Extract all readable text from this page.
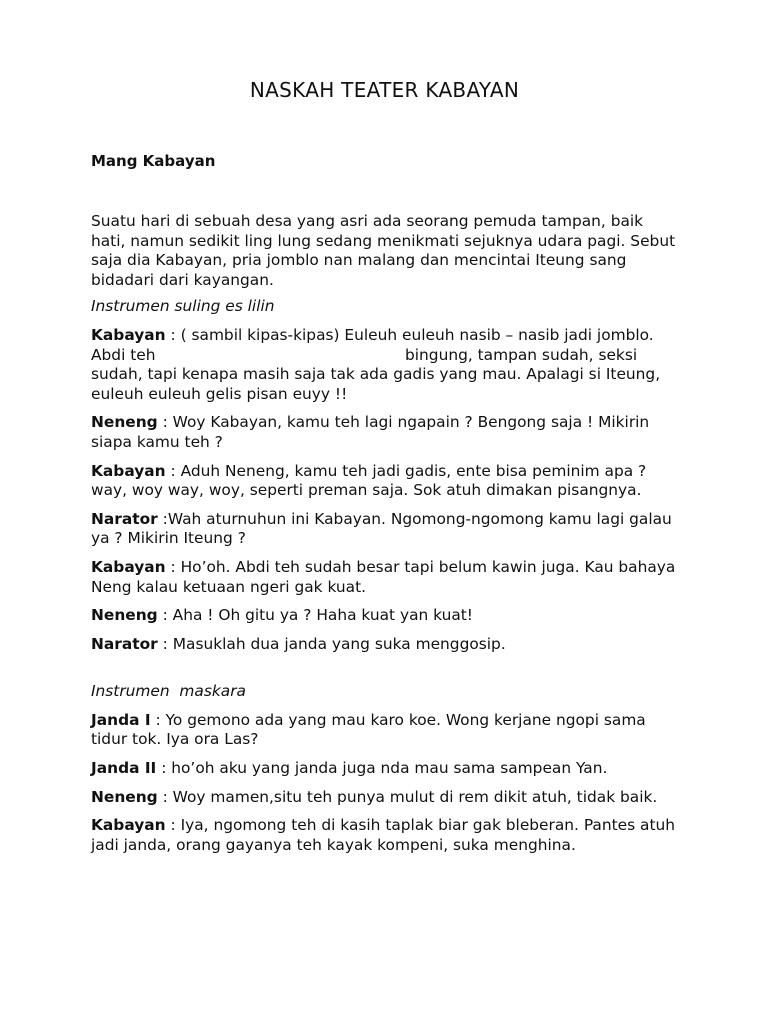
NASKAH TEATER KABAYAN
Mang Kabayan
Suatu hari di sebuah desa yang asri ada seorang pemuda tampan, baik hati, namun sedikit ling lung sedang menikmati sejuknya udara pagi. Sebut saja dia Kabayan, pria jomblo nan malang dan mencintai Iteung sang bidadari dari kayangan.
Instrumen suling es lilin
Kabayan : ( sambil kipas-kipas) Euleuh euleuh nasib – nasib jadi jomblo. Abdi teh                                                   bingung, tampan sudah, seksi sudah, tapi kenapa masih saja tak ada gadis yang mau. Apalagi si Iteung, euleuh euleuh gelis pisan euyy !!
Neneng : Woy Kabayan, kamu teh lagi ngapain ? Bengong saja ! Mikirin siapa kamu teh ?
Kabayan : Aduh Neneng, kamu teh jadi gadis, ente bisa peminim apa ? way, woy way, woy, seperti preman saja. Sok atuh dimakan pisangnya.
Narator :Wah aturnuhun ini Kabayan. Ngomong-ngomong kamu lagi galau ya ? Mikirin Iteung ?
Kabayan : Ho’oh. Abdi teh sudah besar tapi belum kawin juga. Kau bahaya Neng kalau ketuaan ngeri gak kuat.
Neneng : Aha ! Oh gitu ya ? Haha kuat yan kuat!
Narator : Masuklah dua janda yang suka menggosip.
Instrumen  maskara
Janda I : Yo gemono ada yang mau karo koe. Wong kerjane ngopi sama tidur tok. Iya ora Las?
Janda II : ho’oh aku yang janda juga nda mau sama sampean Yan.
Neneng : Woy mamen,situ teh punya mulut di rem dikit atuh, tidak baik.
Kabayan : Iya, ngomong teh di kasih taplak biar gak bleberan. Pantes atuh jadi janda, orang gayanya teh kayak kompeni, suka menghina.
